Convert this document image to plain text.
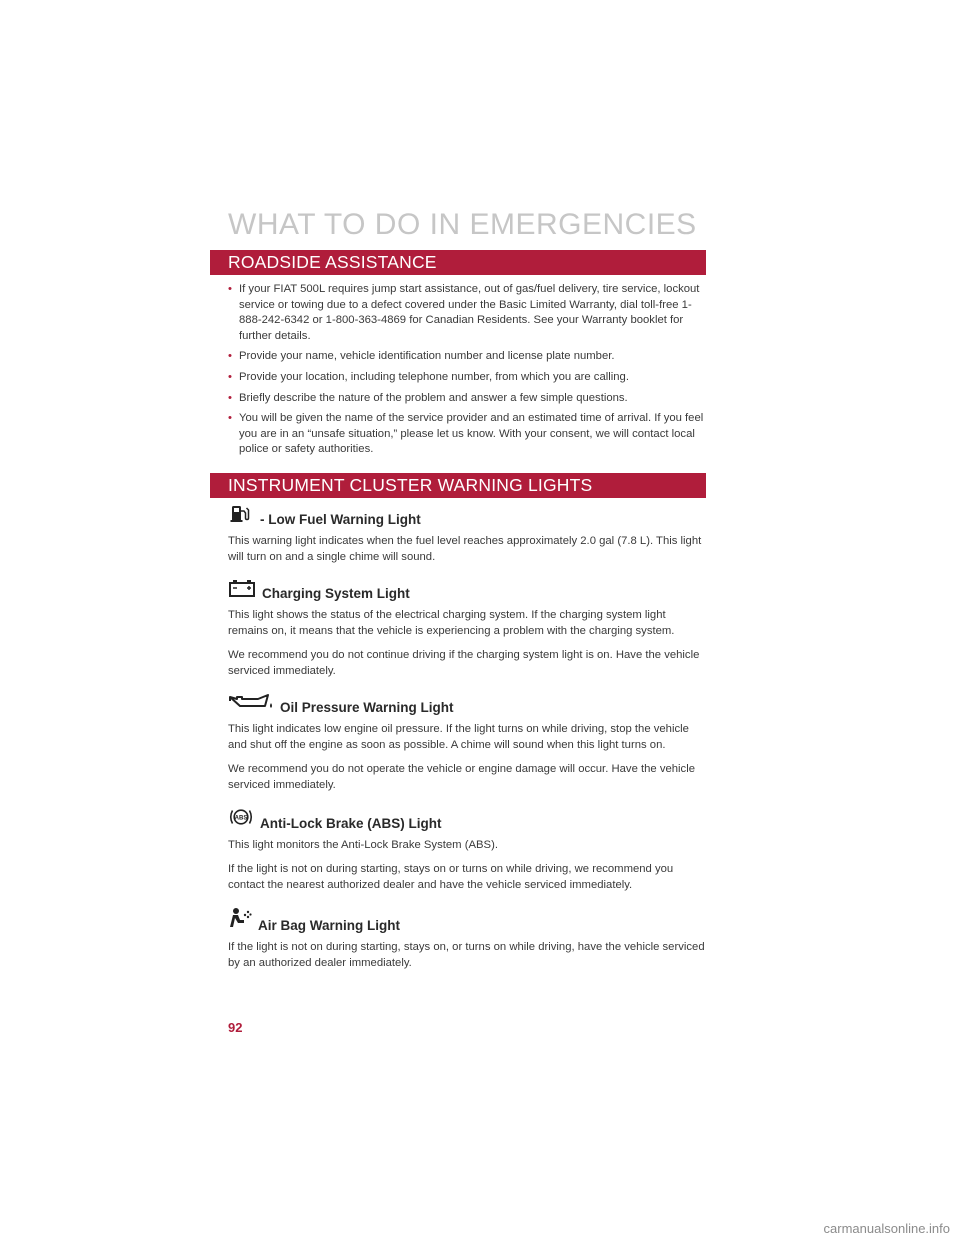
WHAT TO DO IN EMERGENCIES
ROADSIDE ASSISTANCE
• If your FIAT 500L requires jump start assistance, out of gas/fuel delivery, tire service, lockout service or towing due to a defect covered under the Basic Limited Warranty, dial toll-free 1-888-242-6342 or 1-800-363-4869 for Canadian Residents. See your Warranty booklet for further details.
• Provide your name, vehicle identification number and license plate number.
• Provide your location, including telephone number, from which you are calling.
• Briefly describe the nature of the problem and answer a few simple questions.
• You will be given the name of the service provider and an estimated time of arrival. If you feel you are in an “unsafe situation,” please let us know. With your consent, we will contact local police or safety authorities.
INSTRUMENT CLUSTER WARNING LIGHTS
- Low Fuel Warning Light

This warning light indicates when the fuel level reaches approximately 2.0 gal (7.8 L). This light will turn on and a single chime will sound.

Charging System Light

This light shows the status of the electrical charging system. If the charging system light remains on, it means that the vehicle is experiencing a problem with the charging system.

We recommend you do not continue driving if the charging system light is on. Have the vehicle serviced immediately.

Oil Pressure Warning Light

This light indicates low engine oil pressure. If the light turns on while driving, stop the vehicle and shut off the engine as soon as possible. A chime will sound when this light turns on.

We recommend you do not operate the vehicle or engine damage will occur. Have the vehicle serviced immediately.

ABS Anti-Lock Brake (ABS) Light

This light monitors the Anti-Lock Brake System (ABS).

If the light is not on during starting, stays on or turns on while driving, we recommend you contact the nearest authorized dealer and have the vehicle serviced immediately.

Air Bag Warning Light

If the light is not on during starting, stays on, or turns on while driving, have the vehicle serviced by an authorized dealer immediately.

92
carmanualsonline.info
